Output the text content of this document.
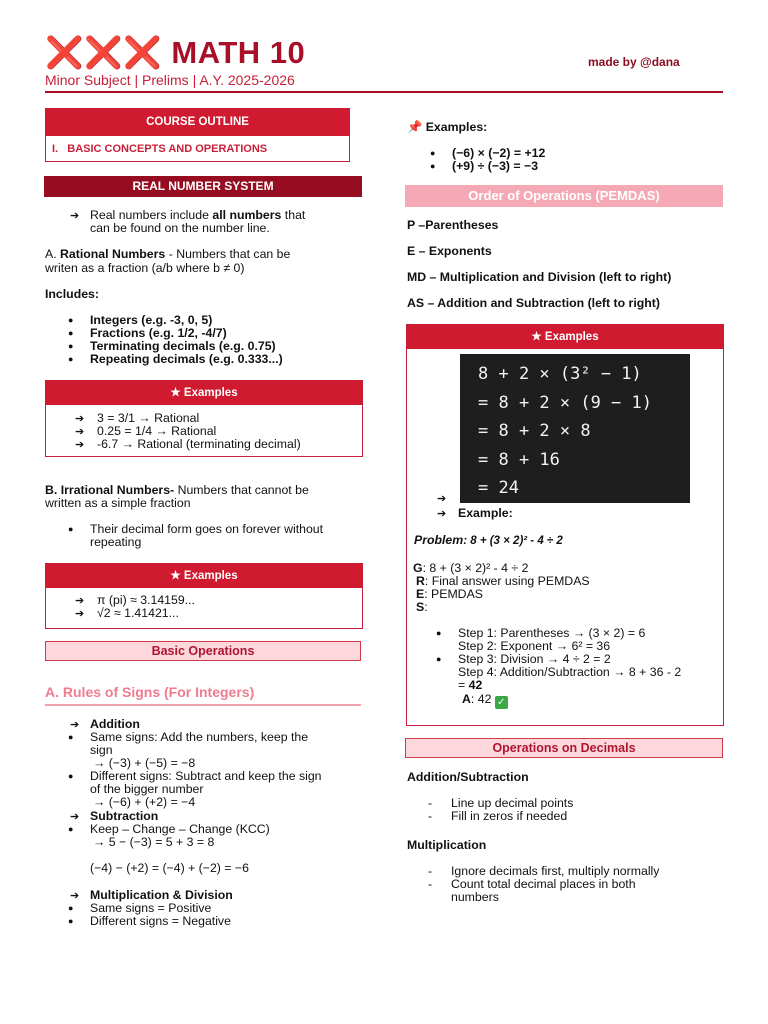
❌❌❌ MATH 10
Minor Subject | Prelims | A.Y. 2025-2026
made by @dana
COURSE OUTLINE
I.   BASIC CONCEPTS AND OPERATIONS
REAL NUMBER SYSTEM
➔ Real numbers include all numbers that
can be found on the number line.
A. Rational Numbers - Numbers that can be
writen as a fraction (a/b where b ≠ 0)
Includes:
● Integers (e.g. -3, 0, 5)
● Fractions (e.g. 1/2, -4/7)
● Terminating decimals (e.g. 0.75)
● Repeating decimals (e.g. 0.333...)
★ Examples
➔ 3 = 3/1 → Rational
➔ 0.25 = 1/4 → Rational
➔ -6.7 → Rational (terminating decimal)
B. Irrational Numbers- Numbers that cannot be
written as a simple fraction
● Their decimal form goes on forever without
repeating
★ Examples
➔ π (pi) ≈ 3.14159...
➔ √2 ≈ 1.41421...
Basic Operations
A. Rules of Signs (For Integers)
➔ Addition
● Same signs: Add the numbers, keep the
sign
→ (−3) + (−5) = −8
● Different signs: Subtract and keep the sign
of the bigger number
→ (−6) + (+2) = −4
➔ Subtraction
● Keep – Change – Change (KCC)
→ 5 − (−3) = 5 + 3 = 8
(−4) − (+2) = (−4) + (−2) = −6
➔ Multiplication & Division
● Same signs = Positive
● Different signs = Negative
📌 Examples:
● (−6) × (−2) = +12
● (+9) ÷ (−3) = −3
Order of Operations (PEMDAS)
P –Parentheses
E – Exponents
MD – Multiplication and Division (left to right)
AS – Addition and Subtraction (left to right)
★ Examples
8 + 2 × (3² − 1)
= 8 + 2 × (9 − 1)
= 8 + 2 × 8
= 8 + 16
= 24
➔
➔ Example:
Problem: 8 + (3 × 2)² - 4 ÷ 2
G: 8 + (3 × 2)² - 4 ÷ 2
R: Final answer using PEMDAS
E: PEMDAS
S:
● Step 1: Parentheses → (3 × 2) = 6
Step 2: Exponent → 6² = 36
● Step 3: Division → 4 ÷ 2 = 2
Step 4: Addition/Subtraction → 8 + 36 - 2
= 42
A: 42 ✓
Operations on Decimals
Addition/Subtraction
- Line up decimal points
- Fill in zeros if needed
Multiplication
- Ignore decimals first, multiply normally
- Count total decimal places in both
numbers
